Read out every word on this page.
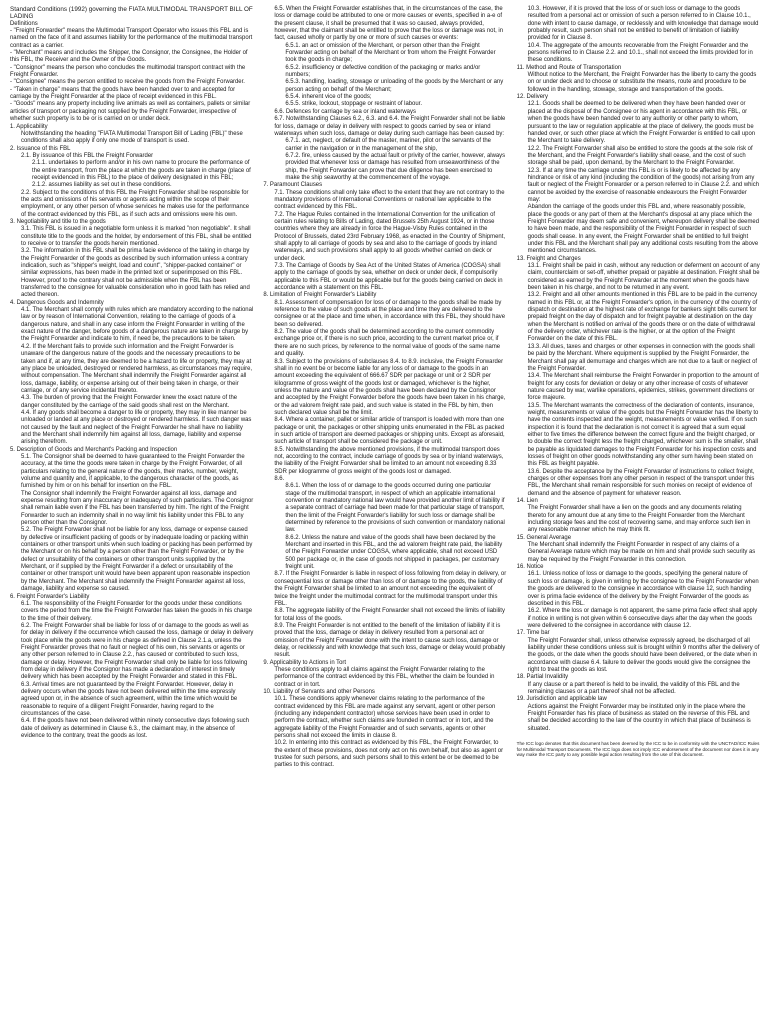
Standard Conditions (1992) governing the FIATA MULTIMODAL TRANSPORT BILL OF LADING

Definitions

- "Freight Forwarder" means the Multimodal Transport Operator who issues this FBL and is named on the face of it and assumes liability for the performance of the multimodal transport contract as a carrier.

- "Merchant" means and includes the Shipper, the Consignor, the Consignee, the Holder of this FBL, the Receiver and the Owner of the Goods.

- "Consignor" means the person who concludes the multimodal transport contract with the Freight Forwarder.

- "Consignee" means the person entitled to receive the goods from the Freight Forwarder.

- "Taken in charge" means that the goods have been handed over to and accepted for carriage by the Freight Forwarder at the place of receipt evidenced in this FBL.

- "Goods" means any property including live animals as well as containers, pallets or similar articles of transport or packaging not supplied by the Freight Forwarder, irrespective of whether such property is to be or is carried on or under deck.

1. Applicability

Notwithstanding the heading "FIATA Multimodal Transport Bill of Lading (FBL)" these conditions shall also apply if only one mode of transport is used.

2. Issuance of this FBL

2.1. By issuance of this FBL the Freight Forwarder

2.1.1. undertakes to perform and/or in his own name to procure the performance of the entire transport, from the place at which the goods are taken in charge (place of receipt evidenced in this FBL) to the place of delivery designated in this FBL;

2.1.2. assumes liability as set out in these conditions.

2.2. Subject to the conditions of this FBL the Freight Forwarder shall be responsible for the acts and omissions of his servants or agents acting within the scope of their employment, or any other person of whose services he makes use for the performance of the contract evidenced by this FBL, as if such acts and omissions were his own.

3. Negotiability and title to the goods

3.1. This FBL is issued in a negotiable form unless it is marked "non negotiable". It shall constitute title to the goods and the holder, by endorsement of this FBL, shall be entitled to receive or to transfer the goods herein mentioned.

3.2. The information in this FBL shall be prima facie evidence of the taking in charge by the Freight Forwarder of the goods as described by such information unless a contrary indication, such as "shipper's weight, load and count", "shipper-packed container" or similar expressions, has been made in the printed text or superimposed on this FBL. However, proof to the contrary shall not be admissible when the FBL has been transferred to the consignee for valuable consideration who in good faith has relied and acted thereon.

4. Dangerous Goods and Indemnity

4.1. The Merchant shall comply with rules which are mandatory according to the national law or by reason of International Convention, relating to the carriage of goods of a dangerous nature, and shall in any case inform the Freight Forwarder in writing of the exact nature of the danger, before goods of a dangerous nature are taken in charge by the Freight Forwarder and indicate to him, if need be, the precautions to be taken.

4.2. If the Merchant fails to provide such information and the Freight Forwarder is unaware of the dangerous nature of the goods and the necessary precautions to be taken and if, at any time, they are deemed to be a hazard to life or property, they may at any place be unloaded, destroyed or rendered harmless, as circumstances may require, without compensation. The Merchant shall indemnify the Freight Forwarder against all loss, damage, liability, or expense arising out of their being taken in charge, or their carriage, or of any service incidental thereto.

4.3. The burden of proving that the Freight Forwarder knew the exact nature of the danger constituted by the carriage of the said goods shall rest on the Merchant.

4.4. If any goods shall become a danger to life or property, they may in like manner be unloaded or landed at any place or destroyed or rendered harmless. If such danger was not caused by the fault and neglect of the Freight Forwarder he shall have no liability and the Merchant shall indemnify him against all loss, damage, liability and expense arising therefrom.

5. Description of Goods and Merchant's Packing and Inspection

5.1. The Consignor shall be deemed to have guaranteed to the Freight Forwarder the accuracy, at the time the goods were taken in charge by the Freight Forwarder, of all particulars relating to the general nature of the goods, their marks, number, weight, volume and quantity and, if applicable, to the dangerous character of the goods, as furnished by him or on his behalf for insertion on the FBL.

The Consignor shall indemnify the Freight Forwarder against all loss, damage and expense resulting from any inaccuracy or inadequacy of such particulars. The Consignor shall remain liable even if the FBL has been transferred by him. The right of the Freight Forwarder to such an indemnity shall in no way limit his liability under this FBL to any person other than the Consignor.

5.2. The Freight Forwarder shall not be liable for any loss, damage or expense caused by defective or insufficient packing of goods or by inadequate loading or packing within containers or other transport units when such loading or packing has been performed by the Merchant or on his behalf by a person other than the Freight Forwarder, or by the defect or unsuitability of the containers or other transport units supplied by the Merchant, or if supplied by the Freight Forwarder if a defect or unsuitability of the container or other transport unit would have been apparent upon reasonable inspection by the Merchant. The Merchant shall indemnify the Freight Forwarder against all loss, damage, liability and expense so caused.

6. Freight Forwarder's Liability

6.1. The responsibility of the Freight Forwarder for the goods under these conditions covers the period from the time the Freight Forwarder has taken the goods in his charge to the time of their delivery.

6.2. The Freight Forwarder shall be liable for loss of or damage to the goods as well as for delay in delivery if the occurrence which caused the loss, damage or delay in delivery took place while the goods were in his charge as defined in Clause 2.1.a, unless the Freight Forwarder proves that no fault or neglect of his own, his servants or agents or any other person referred to in Clause 2.2., has caused or contributed to such loss, damage or delay. However, the Freight Forwarder shall only be liable for loss following from delay in delivery if the Consignor has made a declaration of interest in timely delivery which has been accepted by the Freight Forwarder and stated in this FBL.

6.3. Arrival times are not guaranteed by the Freight Forwarder. However, delay in delivery occurs when the goods have not been delivered within the time expressly agreed upon or, in the absence of such agreement, within the time which would be reasonable to require of a diligent Freight Forwarder, having regard to the circumstances of the case.

6.4. If the goods have not been delivered within ninety consecutive days following such date of delivery as determined in Clause 6.3., the claimant may, in the absence of evidence to the contrary, treat the goods as lost.

6.5. When the Freight Forwarder establishes that, in the circumstances of the case, the loss or damage could be attributed to one or more causes or events, specified in a-e of the present clause, it shall be presumed that it was so caused, always provided, however, that the claimant shall be entitled to prove that the loss or damage was not, in fact, caused wholly or partly by one or more of such causes or events:

6.5.1. an act or omission of the Merchant, or person other than the Freight Forwarder acting on behalf of the Merchant or from whom the Freight Forwarder took the goods in charge;

6.5.2. insufficiency or defective condition of the packaging or marks and/or numbers;

6.5.3. handling, loading, stowage or unloading of the goods by the Merchant or any person acting on behalf of the Merchant;

6.5.4. inherent vice of the goods;

6.5.5. strike, lockout, stoppage or restraint of labour.

6.6. Defences for carriage by sea or inland waterways

6.7. Notwithstanding Clauses 6.2., 6.3. and 6.4. the Freight Forwarder shall not be liable for loss, damage or delay in delivery with respect to goods carried by sea or inland waterways when such loss, damage or delay during such carriage has been caused by:

6.7.1. act, neglect, or default of the master, mariner, pilot or the servants of the carrier in the navigation or in the management of the ship,

6.7.2. fire, unless caused by the actual fault or privity of the carrier, however, always provided that whenever loss or damage has resulted from unseaworthiness of the ship, the Freight Forwarder can prove that due diligence has been exercised to make the ship seaworthy at the commencement of the voyage.

7. Paramount Clauses

7.1. These conditions shall only take effect to the extent that they are not contrary to the mandatory provisions of International Conventions or national law applicable to the contract evidenced by this FBL.

7.2. The Hague Rules contained in the International Convention for the unification of certain rules relating to Bills of Lading, dated Brussels 25th August 1924, or in those countries where they are already in force the Hague-Visby Rules contained in the Protocol of Brussels, dated 23rd February 1968, as enacted in the Country of Shipment, shall apply to all carriage of goods by sea and also to the carriage of goods by inland waterways, and such provisions shall apply to all goods whether carried on deck or under deck.

7.3. The Carriage of Goods by Sea Act of the United States of America (COGSA) shall apply to the carriage of goods by sea, whether on deck or under deck, if compulsorily applicable to this FBL or would be applicable but for the goods being carried on deck in accordance with a statement on this FBL.

8. Limitation of Freight Forwarder's Liability

8.1. Assessment of compensation for loss of or damage to the goods shall be made by reference to the value of such goods at the place and time they are delivered to the consignee or at the place and time when, in accordance with this FBL, they should have been so delivered.

8.2. The value of the goods shall be determined according to the current commodity exchange price or, if there is no such price, according to the current market price or, if there are no such prices, by reference to the normal value of goods of the same name and quality.

8.3. Subject to the provisions of subclauses 8.4. to 8.9. inclusive, the Freight Forwarder shall in no event be or become liable for any loss of or damage to the goods in an amount exceeding the equivalent of 666.67 SDR per package or unit or 2 SDR per kilogramme of gross weight of the goods lost or damaged, whichever is the higher, unless the nature and value of the goods shall have been declared by the Consignor and accepted by the Freight Forwarder before the goods have been taken in his charge, or the ad valorem freight rate paid, and such value is stated in the FBL by him, then such declared value shall be the limit.

8.4. Where a container, pallet or similar article of transport is loaded with more than one package or unit, the packages or other shipping units enumerated in the FBL as packed in such article of transport are deemed packages or shipping units. Except as aforesaid, such article of transport shall be considered the package or unit.

8.5. Notwithstanding the above mentioned provisions, if the multimodal transport does not, according to the contract, include carriage of goods by sea or by inland waterways, the liability of the Freight Forwarder shall be limited to an amount not exceeding 8.33 SDR per kilogramme of gross weight of the goods lost or damaged.

8.6.

8.6.1. When the loss of or damage to the goods occurred during one particular stage of the multimodal transport, in respect of which an applicable international convention or mandatory national law would have provided another limit of liability if a separate contract of carriage had been made for that particular stage of transport, then the limit of the Freight Forwarder's liability for such loss or damage shall be determined by reference to the provisions of such convention or mandatory national law.

8.6.2. Unless the nature and value of the goods shall have been declared by the Merchant and inserted in this FBL, and the ad valorem freight rate paid, the liability of the Freight Forwarder under COGSA, where applicable, shall not exceed USD 500 per package or, in the case of goods not shipped in packages, per customary freight unit.

8.7. If the Freight Forwarder is liable in respect of loss following from delay in delivery, or consequential loss or damage other than loss of or damage to the goods, the liability of the Freight Forwarder shall be limited to an amount not exceeding the equivalent of twice the freight under the multimodal contract for the multimodal transport under this FBL.

8.8. The aggregate liability of the Freight Forwarder shall not exceed the limits of liability for total loss of the goods.

8.9. The Freight Forwarder is not entitled to the benefit of the limitation of liability if it is proved that the loss, damage or delay in delivery resulted from a personal act or omission of the Freight Forwarder done with the intent to cause such loss, damage or delay, or recklessly and with knowledge that such loss, damage or delay would probably result.

9. Applicability to Actions in Tort

These conditions apply to all claims against the Freight Forwarder relating to the performance of the contract evidenced by this FBL, whether the claim be founded in contract or in tort.

10. Liability of Servants and other Persons

10.1. These conditions apply whenever claims relating to the performance of the contract evidenced by this FBL are made against any servant, agent or other person (including any independent contractor) whose services have been used in order to perform the contract, whether such claims are founded in contract or in tort, and the aggregate liability of the Freight Forwarder and of such servants, agents or other persons shall not exceed the limits in clause 8.

10.2. In entering into this contract as evidenced by this FBL, the Freight Forwarder, to the extent of these provisions, does not only act on his own behalf, but also as agent or trustee for such persons, and such persons shall to this extent be or be deemed to be parties to this contract.

10.3. However, if it is proved that the loss of or such loss or damage to the goods resulted from a personal act or omission of such a person referred to in Clause 10.1., done with intent to cause damage, or recklessly and with knowledge that damage would probably result, such person shall not be entitled to benefit of limitation of liability provided for in Clause 8.

10.4. The aggregate of the amounts recoverable from the Freight Forwarder and the persons referred to in Clause 2.2. and 10.1., shall not exceed the limits provided for in these conditions.

11. Method and Route of Transportation

Without notice to the Merchant, the Freight Forwarder has the liberty to carry the goods on or under deck and to choose or substitute the means, route and procedure to be followed in the handling, stowage, storage and transportation of the goods.

12. Delivery

12.1. Goods shall be deemed to be delivered when they have been handed over or placed at the disposal of the Consignee or his agent in accordance with this FBL, or when the goods have been handed over to any authority or other party to whom, pursuant to the law or regulation applicable at the place of delivery, the goods must be handed over, or such other place at which the Freight Forwarder is entitled to call upon the Merchant to take delivery.

12.2. The Freight Forwarder shall also be entitled to store the goods at the sole risk of the Merchant, and the Freight Forwarder's liability shall cease, and the cost of such storage shall be paid, upon demand, by the Merchant to the Freight Forwarder.

12.3. If at any time the carriage under this FBL is or is likely to be affected by any hindrance or risk of any kind (including the condition of the goods) not arising from any fault or neglect of the Freight Forwarder or a person referred to in Clause 2.2. and which cannot be avoided by the exercise of reasonable endeavours the Freight Forwarder may:

Abandon the carriage of the goods under this FBL and, where reasonably possible, place the goods or any part of them at the Merchant's disposal at any place which the Freight Forwarder may deem safe and convenient, whereupon delivery shall be deemed to have been made, and the responsibility of the Freight Forwarder in respect of such goods shall cease. In any event, the Freight Forwarder shall be entitled to full freight under this FBL and the Merchant shall pay any additional costs resulting from the above mentioned circumstances.

13. Freight and Charges

13.1. Freight shall be paid in cash, without any reduction or deferment on account of any claim, counterclaim or set-off, whether prepaid or payable at destination. Freight shall be considered as earned by the Freight Forwarder at the moment when the goods have been taken in his charge, and not to be returned in any event.

13.2. Freight and all other amounts mentioned in this FBL are to be paid in the currency named in this FBL or, at the Freight Forwarder's option, in the currency of the country of dispatch or destination at the highest rate of exchange for bankers sight bills current for prepaid freight on the day of dispatch and for freight payable at destination on the day when the Merchant is notified on arrival of the goods there or on the date of withdrawal of the delivery order, whichever rate is the higher, or at the option of the Freight Forwarder on the date of this FBL.

13.3. All dues, taxes and charges or other expenses in connection with the goods shall be paid by the Merchant. Where equipment is supplied by the Freight Forwarder, the Merchant shall pay all demurrage and charges which are not due to a fault or neglect of the Freight Forwarder.

13.4. The Merchant shall reimburse the Freight Forwarder in proportion to the amount of freight for any costs for deviation or delay or any other increase of costs of whatever nature caused by war, warlike operations, epidemics, strikes, government directions or force majeure.

13.5. The Merchant warrants the correctness of the declaration of contents, insurance, weight, measurements or value of the goods but the Freight Forwarder has the liberty to have the contents inspected and the weight, measurements or value verified. If on such inspection it is found that the declaration is not correct it is agreed that a sum equal either to five times the difference between the correct figure and the freight charged, or to double the correct freight less the freight charged, whichever sum is the smaller, shall be payable as liquidated damages to the Freight Forwarder for his inspection costs and losses of freight on other goods notwithstanding any other sum having been stated on this FBL as freight payable.

13.6. Despite the acceptance by the Freight Forwarder of instructions to collect freight, charges or other expenses from any other person in respect of the transport under this FBL, the Merchant shall remain responsible for such monies on receipt of evidence of demand and the absence of payment for whatever reason.

14. Lien

The Freight Forwarder shall have a lien on the goods and any documents relating thereto for any amount due at any time to the Freight Forwarder from the Merchant including storage fees and the cost of recovering same, and may enforce such lien in any reasonable manner which he may think fit.

15. General Average

The Merchant shall indemnify the Freight Forwarder in respect of any claims of a General Average nature which may be made on him and shall provide such security as may be required by the Freight Forwarder in this connection.

16. Notice

16.1. Unless notice of loss or damage to the goods, specifying the general nature of such loss or damage, is given in writing by the consignee to the Freight Forwarder when the goods are delivered to the consignee in accordance with clause 12, such handing over is prima facie evidence of the delivery by the Freight Forwarder of the goods as described in this FBL.

16.2. Where the loss or damage is not apparent, the same prima facie effect shall apply if notice in writing is not given within 6 consecutive days after the day when the goods were delivered to the consignee in accordance with clause 12.

17. Time bar

The Freight Forwarder shall, unless otherwise expressly agreed, be discharged of all liability under these conditions unless suit is brought within 9 months after the delivery of the goods, or the date when the goods should have been delivered, or the date when in accordance with clause 6.4. failure to deliver the goods would give the consignee the right to treat the goods as lost.

18. Partial Invalidity

If any clause or a part thereof is held to be invalid, the validity of this FBL and the remaining clauses or a part thereof shall not be affected.

19. Jurisdiction and applicable law

Actions against the Freight Forwarder may be instituted only in the place where the Freight Forwarder has his place of business as stated on the reverse of this FBL and shall be decided according to the law of the country in which that place of business is situated.

The ICC logo denotes that this document has been deemed by the ICC to be in conformity with the UNCTAD/ICC Rules for Multimodal Transport Documents. The ICC logo does not imply ICC endorsement of the document nor does it in any way make the ICC party to any possible legal action resulting from the use of this document.
